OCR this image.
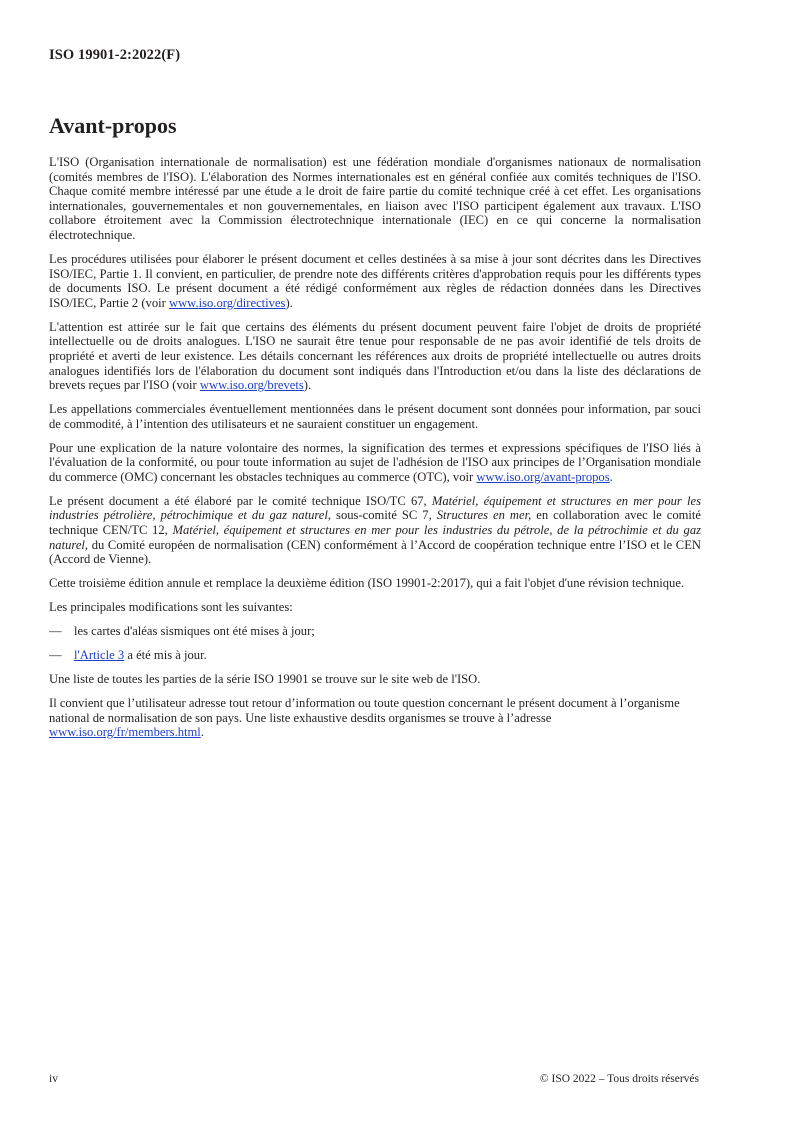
ISO 19901-2:2022(F)
Avant-propos

L'ISO (Organisation internationale de normalisation) est une fédération mondiale d'organismes nationaux de normalisation (comités membres de l'ISO). L'élaboration des Normes internationales est en général confiée aux comités techniques de l'ISO. Chaque comité membre intéressé par une étude a le droit de faire partie du comité technique créé à cet effet. Les organisations internationales, gouvernementales et non gouvernementales, en liaison avec l'ISO participent également aux travaux. L'ISO collabore étroitement avec la Commission électrotechnique internationale (IEC) en ce qui concerne la normalisation électrotechnique.

Les procédures utilisées pour élaborer le présent document et celles destinées à sa mise à jour sont décrites dans les Directives ISO/IEC, Partie 1. Il convient, en particulier, de prendre note des différents critères d'approbation requis pour les différents types de documents ISO. Le présent document a été rédigé conformément aux règles de rédaction données dans les Directives ISO/IEC, Partie 2 (voir www.iso.org/directives).

L'attention est attirée sur le fait que certains des éléments du présent document peuvent faire l'objet de droits de propriété intellectuelle ou de droits analogues. L'ISO ne saurait être tenue pour responsable de ne pas avoir identifié de tels droits de propriété et averti de leur existence. Les détails concernant les références aux droits de propriété intellectuelle ou autres droits analogues identifiés lors de l'élaboration du document sont indiqués dans l'Introduction et/ou dans la liste des déclarations de brevets reçues par l'ISO (voir www.iso.org/brevets).

Les appellations commerciales éventuellement mentionnées dans le présent document sont données pour information, par souci de commodité, à l’intention des utilisateurs et ne sauraient constituer un engagement.

Pour une explication de la nature volontaire des normes, la signification des termes et expressions spécifiques de l'ISO liés à l'évaluation de la conformité, ou pour toute information au sujet de l'adhésion de l'ISO aux principes de l’Organisation mondiale du commerce (OMC) concernant les obstacles techniques au commerce (OTC), voir www.iso.org/avant-propos.

Le présent document a été élaboré par le comité technique ISO/TC 67, Matériel, équipement et structures en mer pour les industries pétrolière, pétrochimique et du gaz naturel, sous-comité SC 7, Structures en mer, en collaboration avec le comité technique CEN/TC 12, Matériel, équipement et structures en mer pour les industries du pétrole, de la pétrochimie et du gaz naturel, du Comité européen de normalisation (CEN) conformément à l’Accord de coopération technique entre l’ISO et le CEN (Accord de Vienne).

Cette troisième édition annule et remplace la deuxième édition (ISO 19901-2:2017), qui a fait l'objet d'une révision technique.

Les principales modifications sont les suivantes:

— les cartes d'aléas sismiques ont été mises à jour;
— l'Article 3 a été mis à jour.

Une liste de toutes les parties de la série ISO 19901 se trouve sur le site web de l'ISO.

Il convient que l’utilisateur adresse tout retour d’information ou toute question concernant le présent document à l’organisme national de normalisation de son pays. Une liste exhaustive desdits organismes se trouve à l’adresse www.iso.org/fr/members.html.

iv	© ISO 2022 – Tous droits réservés
